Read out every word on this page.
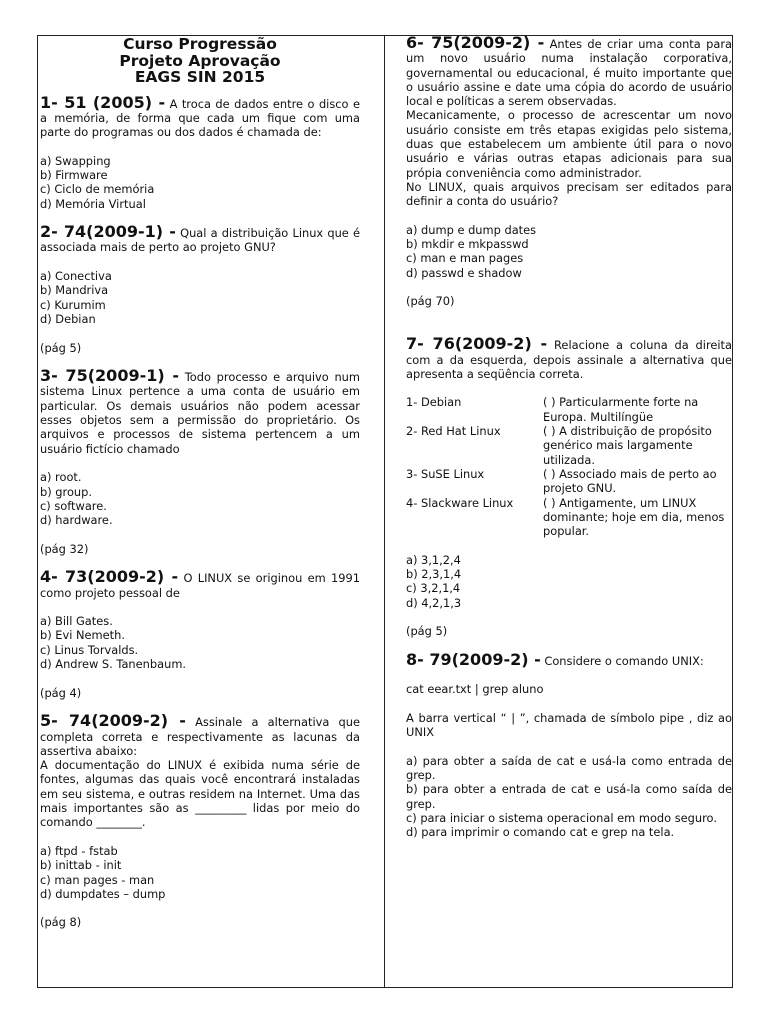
Curso Progressão
Projeto Aprovação
EAGS SIN 2015
1- 51 (2005) - A troca de dados entre o disco e a memória, de forma que cada um fique com uma parte do programas ou dos dados é chamada de:
a) Swapping
b) Firmware
c) Ciclo de memória
d) Memória Virtual
2- 74(2009-1) - Qual a distribuição Linux que é associada mais de perto ao projeto GNU?
a) Conectiva
b) Mandriva
c) Kurumim
d) Debian
(pág 5)
3- 75(2009-1) - Todo processo e arquivo num sistema Linux pertence a uma conta de usuário em particular. Os demais usuários não podem acessar esses objetos sem a permissão do proprietário. Os arquivos e processos de sistema pertencem a um usuário fictício chamado
a) root.
b) group.
c) software.
d) hardware.
(pág 32)
4- 73(2009-2) - O LINUX se originou em 1991 como projeto pessoal de
a) Bill Gates.
b) Evi Nemeth.
c) Linus Torvalds.
d) Andrew S. Tanenbaum.
(pág 4)
5- 74(2009-2) - Assinale a alternativa que completa correta e respectivamente as lacunas da assertiva abaixo:
A documentação do LINUX é exibida numa série de fontes, algumas das quais você encontrará instaladas em seu sistema, e outras residem na Internet. Uma das mais importantes são as _________ lidas por meio do comando ________.
a) ftpd - fstab
b) inittab - init
c) man pages - man
d) dumpdates – dump
(pág 8)
6- 75(2009-2) - Antes de criar uma conta para um novo usuário numa instalação corporativa, governamental ou educacional, é muito importante que o usuário assine e date uma cópia do acordo de usuário local e políticas a serem observadas.
Mecanicamente, o processo de acrescentar um novo usuário consiste em três etapas exigidas pelo sistema, duas que estabelecem um ambiente útil para o novo usuário e várias outras etapas adicionais para sua própia conveniência como administrador.
No LINUX, quais arquivos precisam ser editados para definir a conta do usuário?
a) dump e dump dates
b) mkdir e mkpasswd
c) man e man pages
d) passwd e shadow
(pág 70)
7- 76(2009-2) - Relacione a coluna da direita com a da esquerda, depois assinale a alternativa que apresenta a seqüência correta.
1- Debian	( ) Particularmente forte na Europa. Multilíngüe
2- Red Hat Linux	( ) A distribuição de propósito genérico mais largamente utilizada.
3- SuSE Linux	( ) Associado mais de perto ao projeto GNU.
4- Slackware Linux	( ) Antigamente, um LINUX dominante; hoje em dia, menos popular.
a) 3,1,2,4
b) 2,3,1,4
c) 3,2,1,4
d) 4,2,1,3
(pág 5)
8- 79(2009-2) - Considere o comando UNIX:
cat eear.txt | grep aluno
A barra vertical “ | ”, chamada de símbolo pipe , diz ao UNIX
a) para obter a saída de cat e usá-la como entrada de grep.
b) para obter a entrada de cat e usá-la como saída de grep.
c) para iniciar o sistema operacional em modo seguro.
d) para imprimir o comando cat e grep na tela.
